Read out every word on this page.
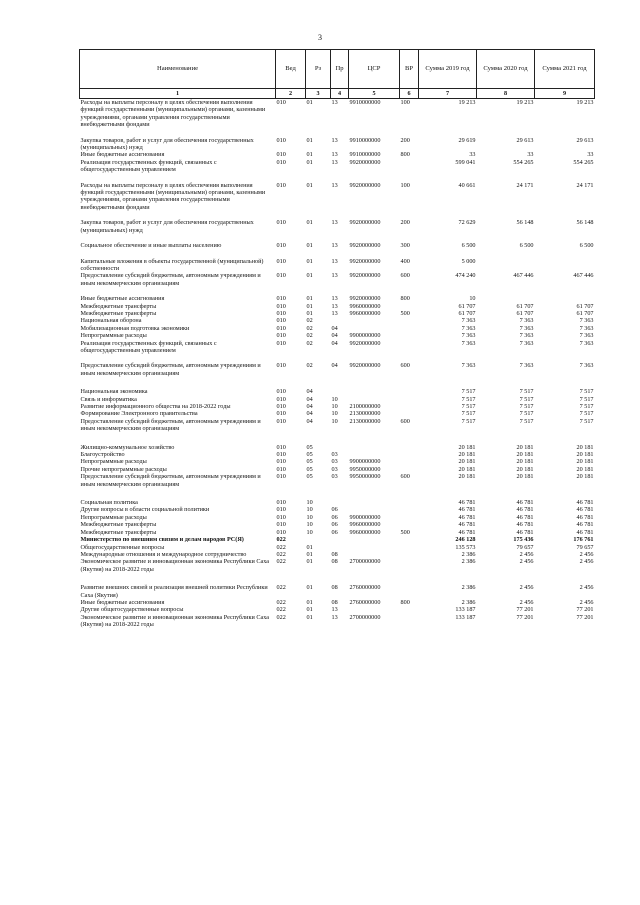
3
Наименование	Вед	Рз	Пр	ЦСР	ВР	Сумма 2019 год	Сумма 2020 год	Сумма 2021 год
1	2	3	4	5	6	7	8	9
Расходы на выплаты персоналу в целях обеспечения выполнения функций государственными (муниципальными) органами, казенными учреждениями, органами управления государственными внебюджетными фондами	010	01	13	9910000000	100	19 213	19 213	19 213

Закупка товаров, работ и услуг для обеспечения государственных (муниципальных) нужд	010	01	13	9910000000	200	29 619	29 613	29 613
Иные бюджетные ассигнования	010	01	13	9910000000	800	33	33	33
Реализация государственных функций, связанных с общегосударственным управлением	010	01	13	9920000000		599 041	554 265	554 265

Расходы на выплаты персоналу в целях обеспечения выполнения функций государственными (муниципальными) органами, казенными учреждениями, органами управления государственными внебюджетными фондами	010	01	13	9920000000	100	40 661	24 171	24 171

Закупка товаров, работ и услуг для обеспечения государственных (муниципальных) нужд	010	01	13	9920000000	200	72 629	56 148	56 148

Социальное обеспечение и иные выплаты населению	010	01	13	9920000000	300	6 500	6 500	6 500

Капитальные вложения в объекты государственной (муниципальной) собственности	010	01	13	9920000000	400	5 000		
Предоставление субсидий бюджетным, автономным учреждениям и иным некоммерческим организациям	010	01	13	9920000000	600	474 240	467 446	467 446

Иные бюджетные ассигнования	010	01	13	9920000000	800	10		
Межбюджетные трансферты	010	01	13	9960000000		61 707	61 707	61 707
Межбюджетные трансферты	010	01	13	9960000000	500	61 707	61 707	61 707
Национальная оборона	010	02				7 363	7 363	7 363
Мобилизационная подготовка экономики	010	02	04			7 363	7 363	7 363
Непрограммные расходы	010	02	04	9900000000		7 363	7 363	7 363
Реализация государственных функций, связанных с общегосударственным управлением	010	02	04	9920000000		7 363	7 363	7 363

Предоставление субсидий бюджетным, автономным учреждениям и иным некоммерческим организациям	010	02	04	9920000000	600	7 363	7 363	7 363

Национальная экономика	010	04				7 517	7 517	7 517
Связь и информатика	010	04	10			7 517	7 517	7 517
Развитие информационного общества на 2018-2022 годы	010	04	10	2100000000		7 517	7 517	7 517
Формирование Электронного правительства	010	04	10	2130000000		7 517	7 517	7 517
Предоставление субсидий бюджетным, автономным учреждениям и иным некоммерческим организациям	010	04	10	2130000000	600	7 517	7 517	7 517

Жилищно-коммунальное хозяйство	010	05				20 181	20 181	20 181
Благоустройство	010	05	03			20 181	20 181	20 181
Непрограммные расходы	010	05	03	9900000000		20 181	20 181	20 181
Прочие непрограммные расходы	010	05	03	9950000000		20 181	20 181	20 181
Предоставление субсидий бюджетным, автономным учреждениям и иным некоммерческим организациям	010	05	03	9950000000	600	20 181	20 181	20 181

Социальная политика	010	10				46 781	46 781	46 781
Другие вопросы в области социальной политики	010	10	06			46 781	46 781	46 781
Непрограммные расходы	010	10	06	9900000000		46 781	46 781	46 781
Межбюджетные трансферты	010	10	06	9960000000		46 781	46 781	46 781
Межбюджетные трансферты	010	10	06	9960000000	500	46 781	46 781	46 781
Министерство по внешним связям и делам народов РС(Я)	022					246 128	175 436	176 761
Общегосударственные вопросы	022	01				135 573	79 657	79 657
Международные отношения и международное сотрудничество	022	01	08			2 386	2 456	2 456
Экономическое развитие и инновационная экономика Республики Саха (Якутия) на 2018-2022 годы	022	01	08	2700000000		2 386	2 456	2 456

Развитие внешних связей и реализация внешней политики Республики Саха (Якутия)	022	01	08	2760000000		2 386	2 456	2 456
Иные бюджетные ассигнования	022	01	08	2760000000	800	2 386	2 456	2 456
Другие общегосударственные вопросы	022	01	13			133 187	77 201	77 201
Экономическое развитие и инновационная экономика Республики Саха (Якутия) на 2018-2022 годы	022	01	13	2700000000		133 187	77 201	77 201
